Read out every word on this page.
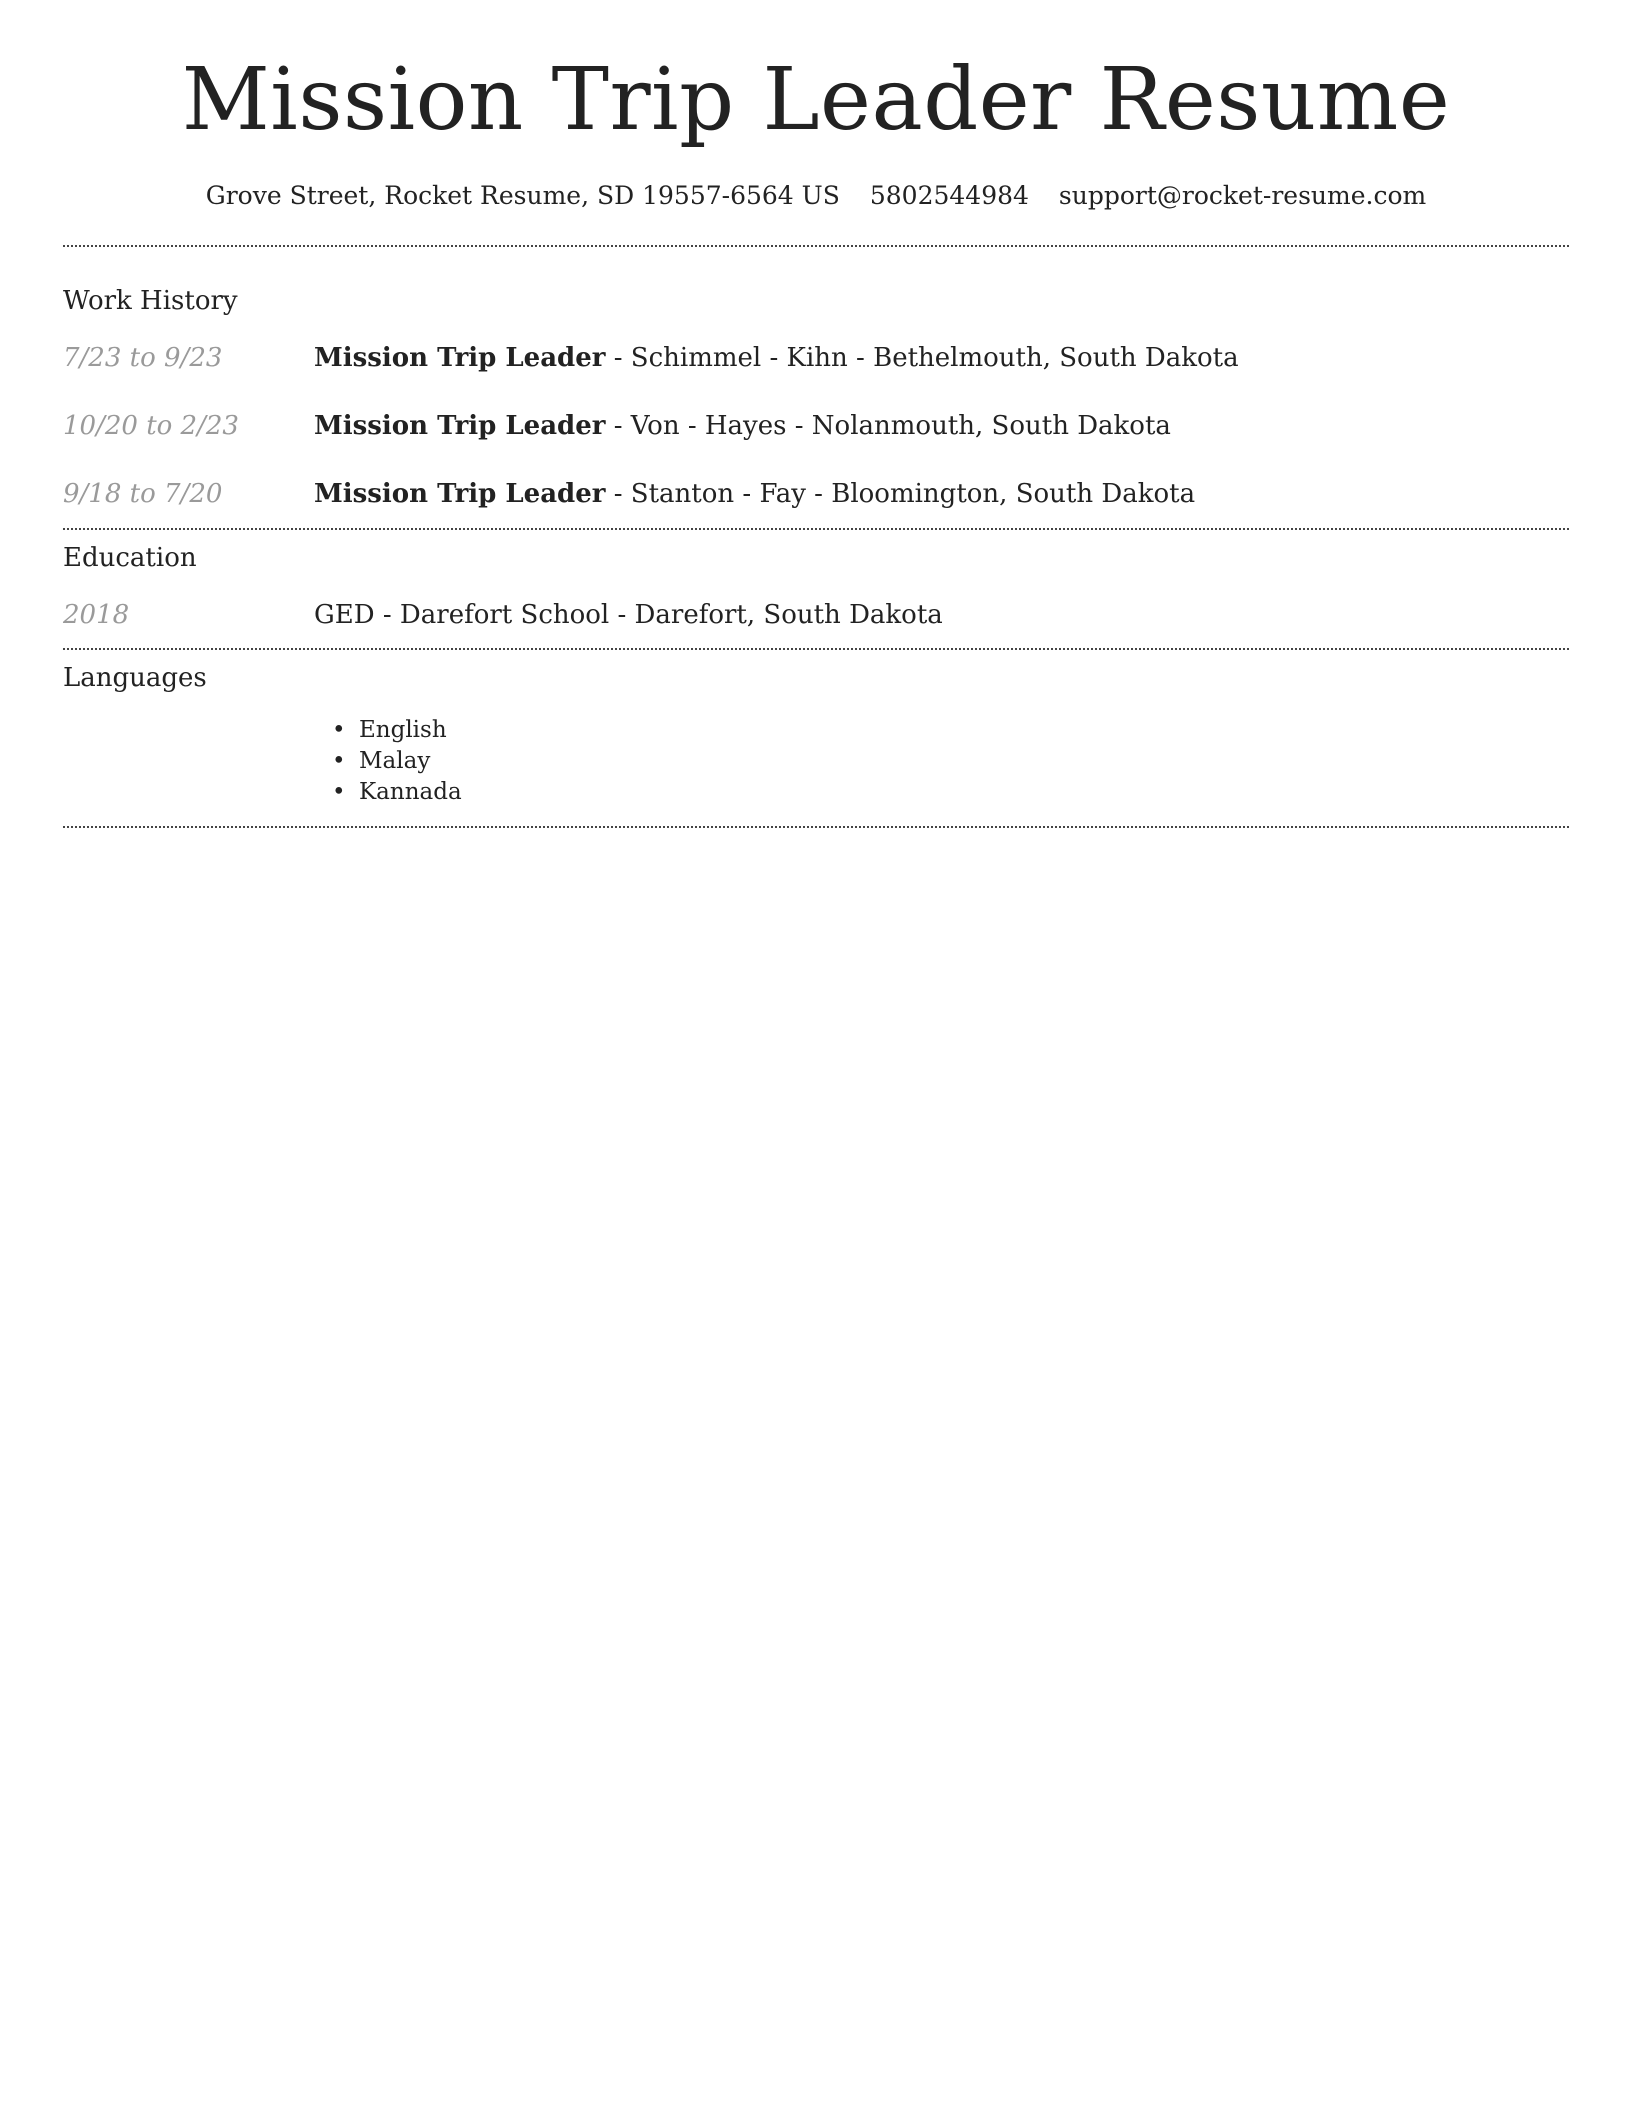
Mission Trip Leader Resume
Grove Street, Rocket Resume, SD 19557-6564 US 5802544984 support@rocket-resume.com
Work History
7/23 to 9/23	Mission Trip Leader - Schimmel - Kihn - Bethelmouth, South Dakota
10/20 to 2/23	Mission Trip Leader - Von - Hayes - Nolanmouth, South Dakota
9/18 to 7/20	Mission Trip Leader - Stanton - Fay - Bloomington, South Dakota
Education
2018	GED - Darefort School - Darefort, South Dakota
Languages
• English
• Malay
• Kannada
